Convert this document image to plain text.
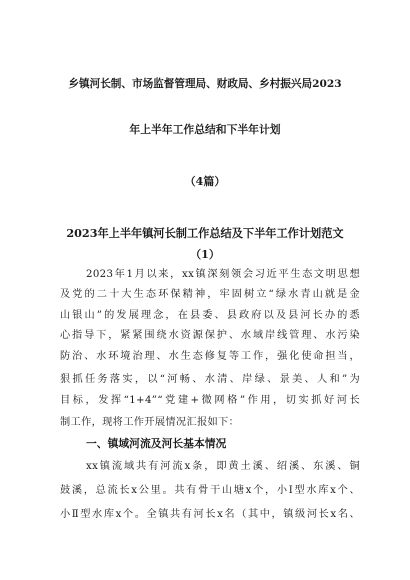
乡镇河长制、市场监督管理局、财政局、乡村振兴局2023
年上半年工作总结和下半年计划
（4篇）
2023年上半年镇河长制工作总结及下半年工作计划范文
（1）
2023年1月以来，xx镇深刻领会习近平生态文明思想
及党的二十大生态环保精神，牢固树立“绿水青山就是金
山银山”的发展理念，在县委、县政府以及县河长办的悉
心指导下，紧紧围绕水资源保护、水域岸线管理、水污染
防治、水环境治理、水生态修复等工作，强化使命担当，
狠抓任务落实，以“河畅、水清、岸绿、景美、人和”为
目标，发挥“1+4”“党建+微网格”作用，切实抓好河长
制工作，现将工作开展情况汇报如下：
一、镇域河流及河长基本情况
xx镇流域共有河流x条，即黄土溪、绍溪、东溪、铜
鼓溪，总流长x公里。共有骨干山塘x个，小Ⅰ型水库x个、
小Ⅱ型水库x个。全镇共有河长x名（其中，镇级河长x名、
